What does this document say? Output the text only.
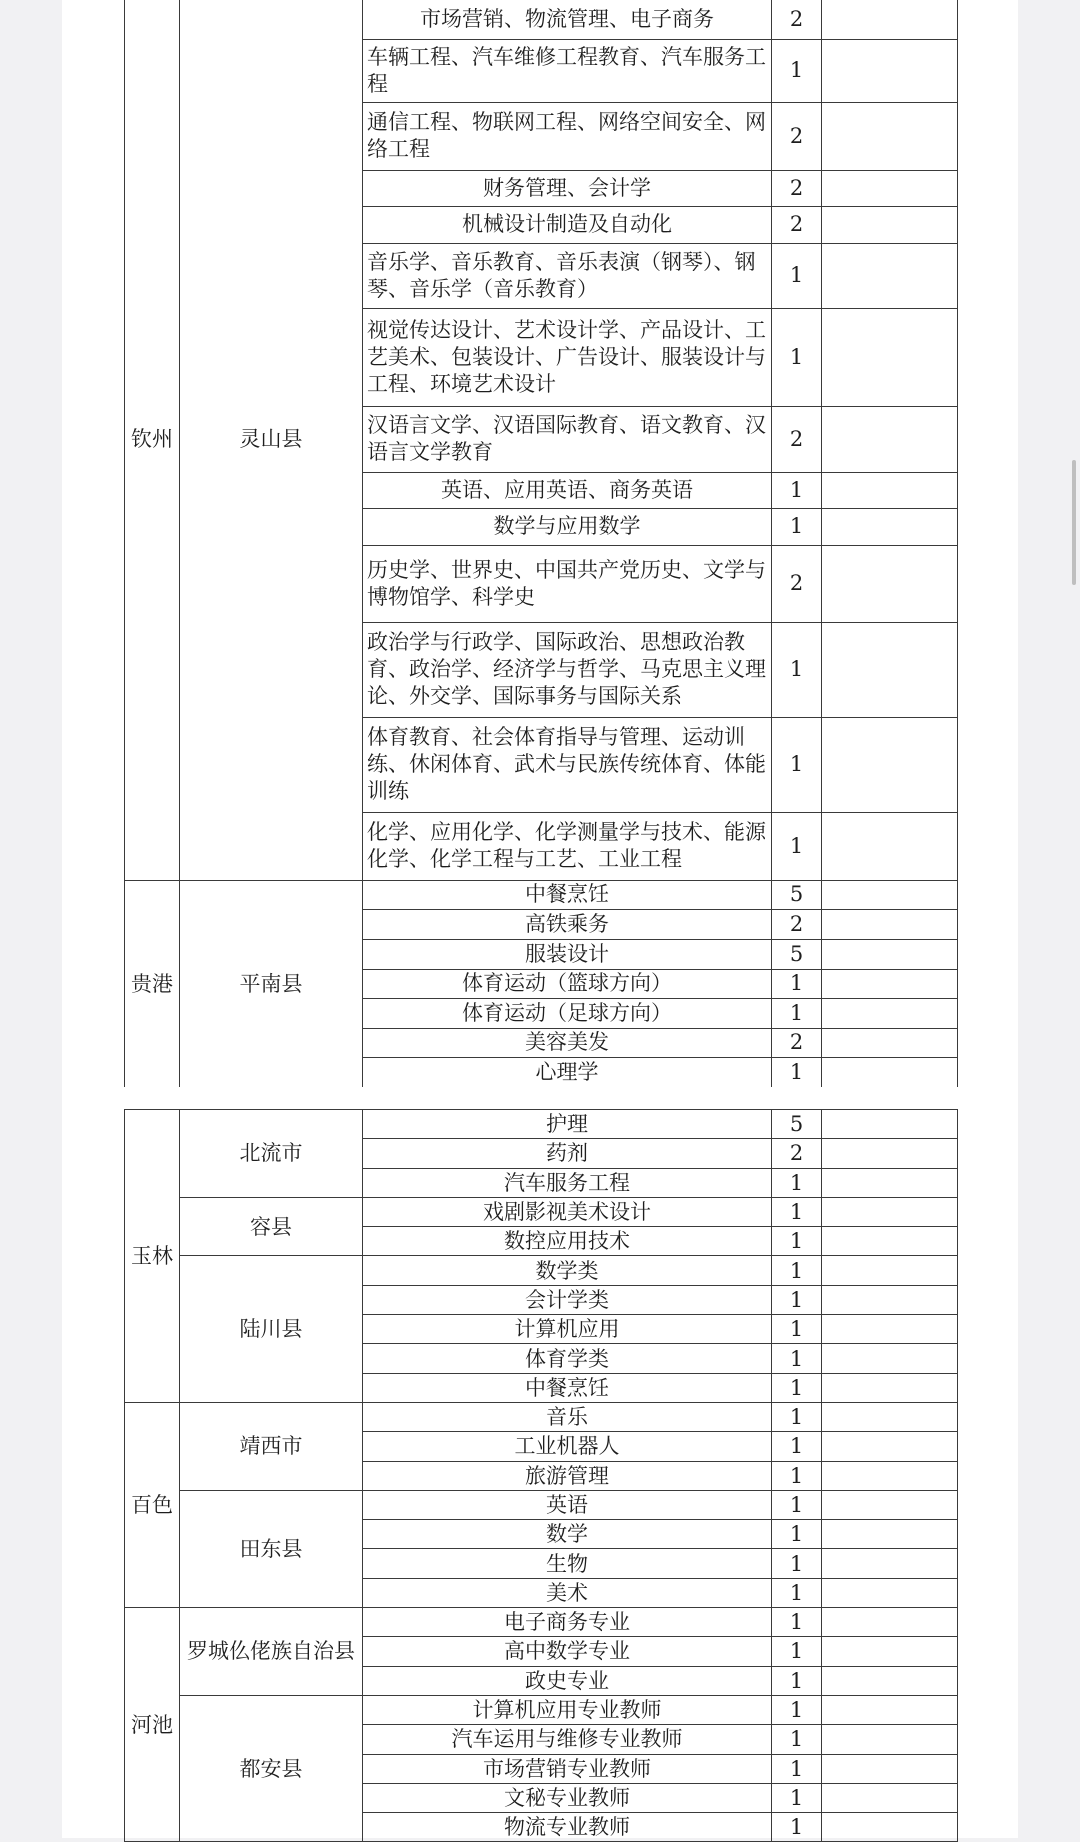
钦州	灵山县	市场营销、物流管理、电子商务	2	
		车辆工程、汽车维修工程教育、汽车服务工程	1	
		通信工程、物联网工程、网络空间安全、网络工程	2	
		财务管理、会计学	2	
		机械设计制造及自动化	2	
		音乐学、音乐教育、音乐表演（钢琴）、钢琴、音乐学（音乐教育）	1	
		视觉传达设计、艺术设计学、产品设计、工艺美术、包装设计、广告设计、服装设计与工程、环境艺术设计	1	
		汉语言文学、汉语国际教育、语文教育、汉语言文学教育	2	
		英语、应用英语、商务英语	1	
		数学与应用数学	1	
		历史学、世界史、中国共产党历史、文学与博物馆学、科学史	2	
		政治学与行政学、国际政治、思想政治教育、政治学、经济学与哲学、马克思主义理论、外交学、国际事务与国际关系	1	
		体育教育、社会体育指导与管理、运动训练、休闲体育、武术与民族传统体育、体能训练	1	
		化学、应用化学、化学测量学与技术、能源化学、化学工程与工艺、工业工程	1	
贵港	平南县	中餐烹饪	5	
		高铁乘务	2	
		服装设计	5	
		体育运动（篮球方向）	1	
		体育运动（足球方向）	1	
		美容美发	2	
		心理学	1	
玉林	北流市	护理	5	
		药剂	2	
		汽车服务工程	1	
	容县	戏剧影视美术设计	1	
		数控应用技术	1	
	陆川县	数学类	1	
		会计学类	1	
		计算机应用	1	
		体育学类	1	
		中餐烹饪	1	
百色	靖西市	音乐	1	
		工业机器人	1	
		旅游管理	1	
	田东县	英语	1	
		数学	1	
		生物	1	
		美术	1	
河池	罗城仫佬族自治县	电子商务专业	1	
		高中数学专业	1	
		政史专业	1	
	都安县	计算机应用专业教师	1	
		汽车运用与维修专业教师	1	
		市场营销专业教师	1	
		文秘专业教师	1	
		物流专业教师	1	
